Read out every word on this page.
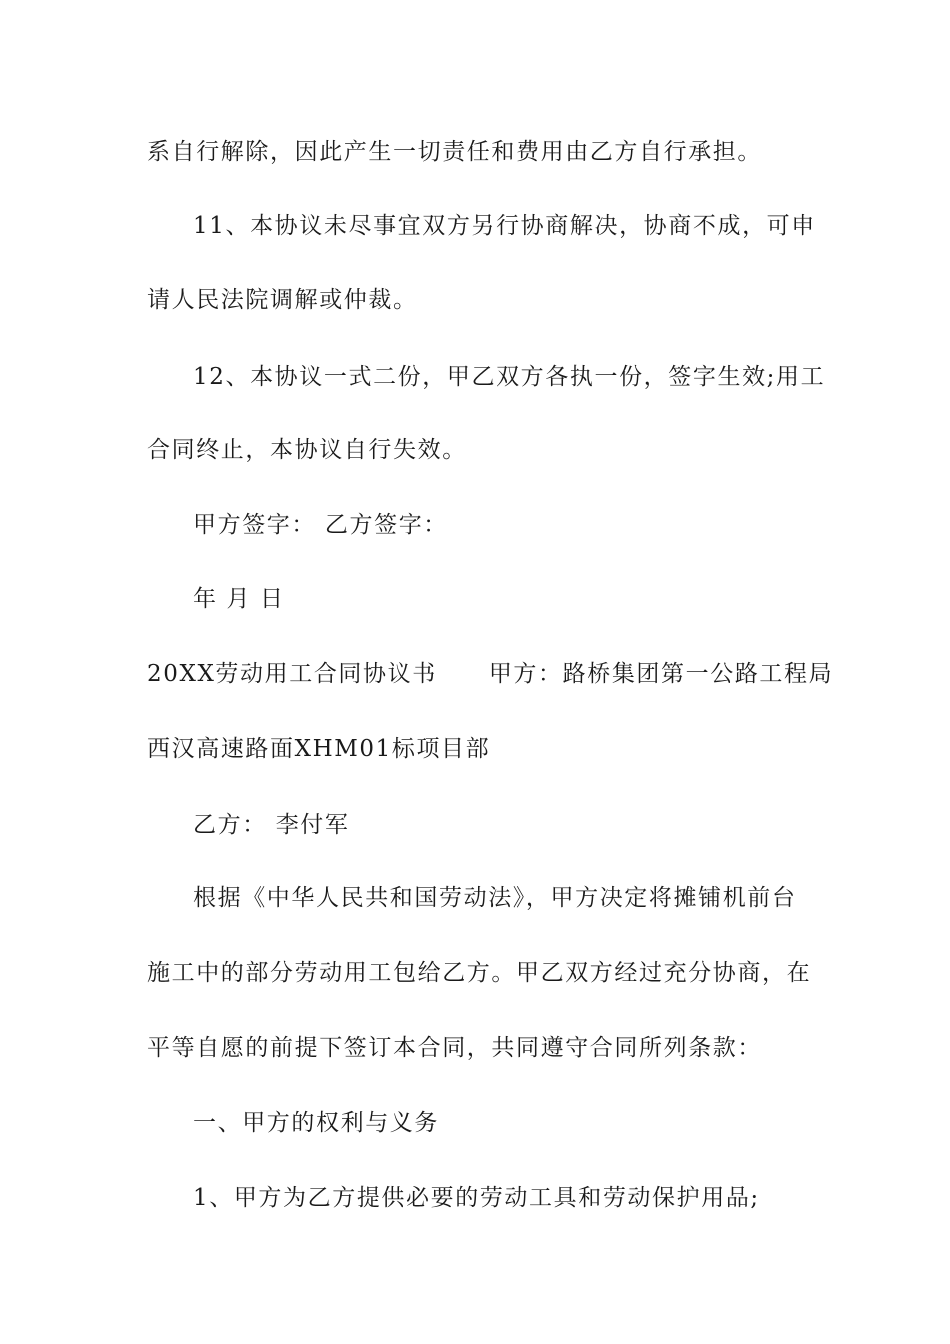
系自行解除，因此产生一切责任和费用由乙方自行承担。
11、本协议未尽事宜双方另行协商解决，协商不成，可申
请人民法院调解或仲裁。
12、本协议一式二份，甲乙双方各执一份，签字生效;用工
合同终止，本协议自行失效。
甲方签字： 乙方签字：
年 月 日
20XX劳动用工合同协议书 甲方：路桥集团第一公路工程局
西汉高速路面XHM01标项目部
乙方： 李付军
根据《中华人民共和国劳动法》，甲方决定将摊铺机前台
施工中的部分劳动用工包给乙方。甲乙双方经过充分协商，在
平等自愿的前提下签订本合同，共同遵守合同所列条款：
一、甲方的权利与义务
1、甲方为乙方提供必要的劳动工具和劳动保护用品;
